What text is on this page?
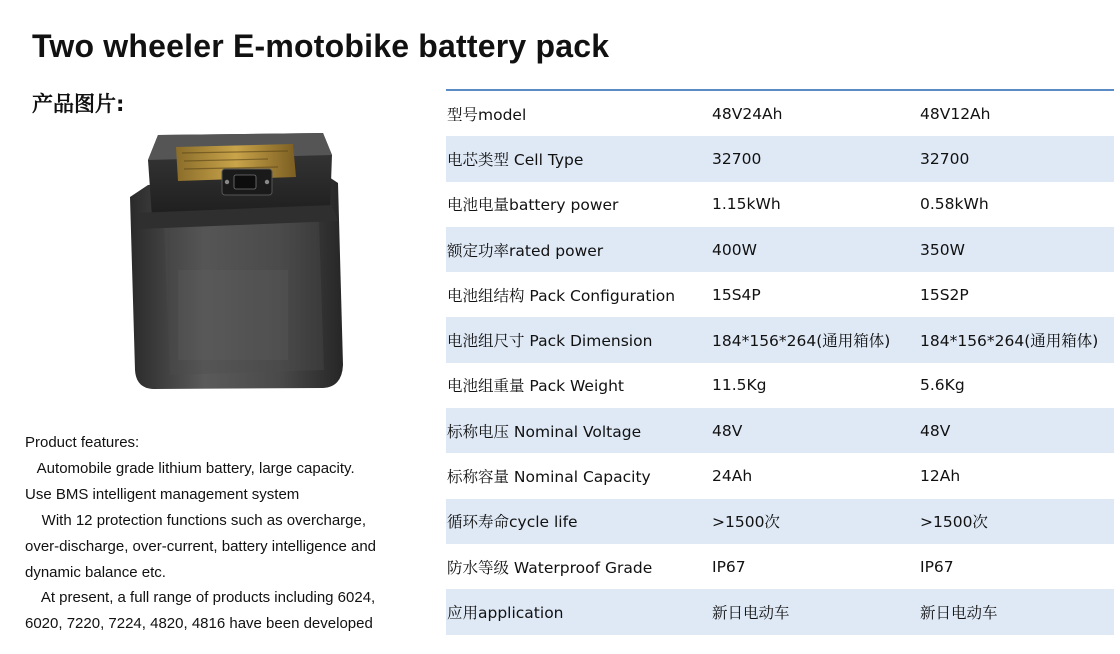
Two wheeler E-motobike battery pack
产品图片:
Product features:
Automobile grade lithium battery, large capacity.
Use BMS intelligent management system
With 12 protection functions such as overcharge,
over-discharge, over-current, battery intelligence and
dynamic balance etc.
At present, a full range of products including 6024,
6020, 7220, 7224, 4820, 4816 have been developed
型号model	48V24Ah	48V12Ah
电芯类型 Cell Type	32700	32700
电池电量battery power	1.15kWh	0.58kWh
额定功率rated power	400W	350W
电池组结构 Pack Configuration	15S4P	15S2P
电池组尺寸 Pack Dimension	184*156*264(通用箱体)	184*156*264(通用箱体)
电池组重量 Pack Weight	11.5Kg	5.6Kg
标称电压 Nominal Voltage	48V	48V
标称容量 Nominal Capacity	24Ah	12Ah
循环寿命cycle life	>1500次	>1500次
防水等级 Waterproof Grade	IP67	IP67
应用application	新日电动车	新日电动车
